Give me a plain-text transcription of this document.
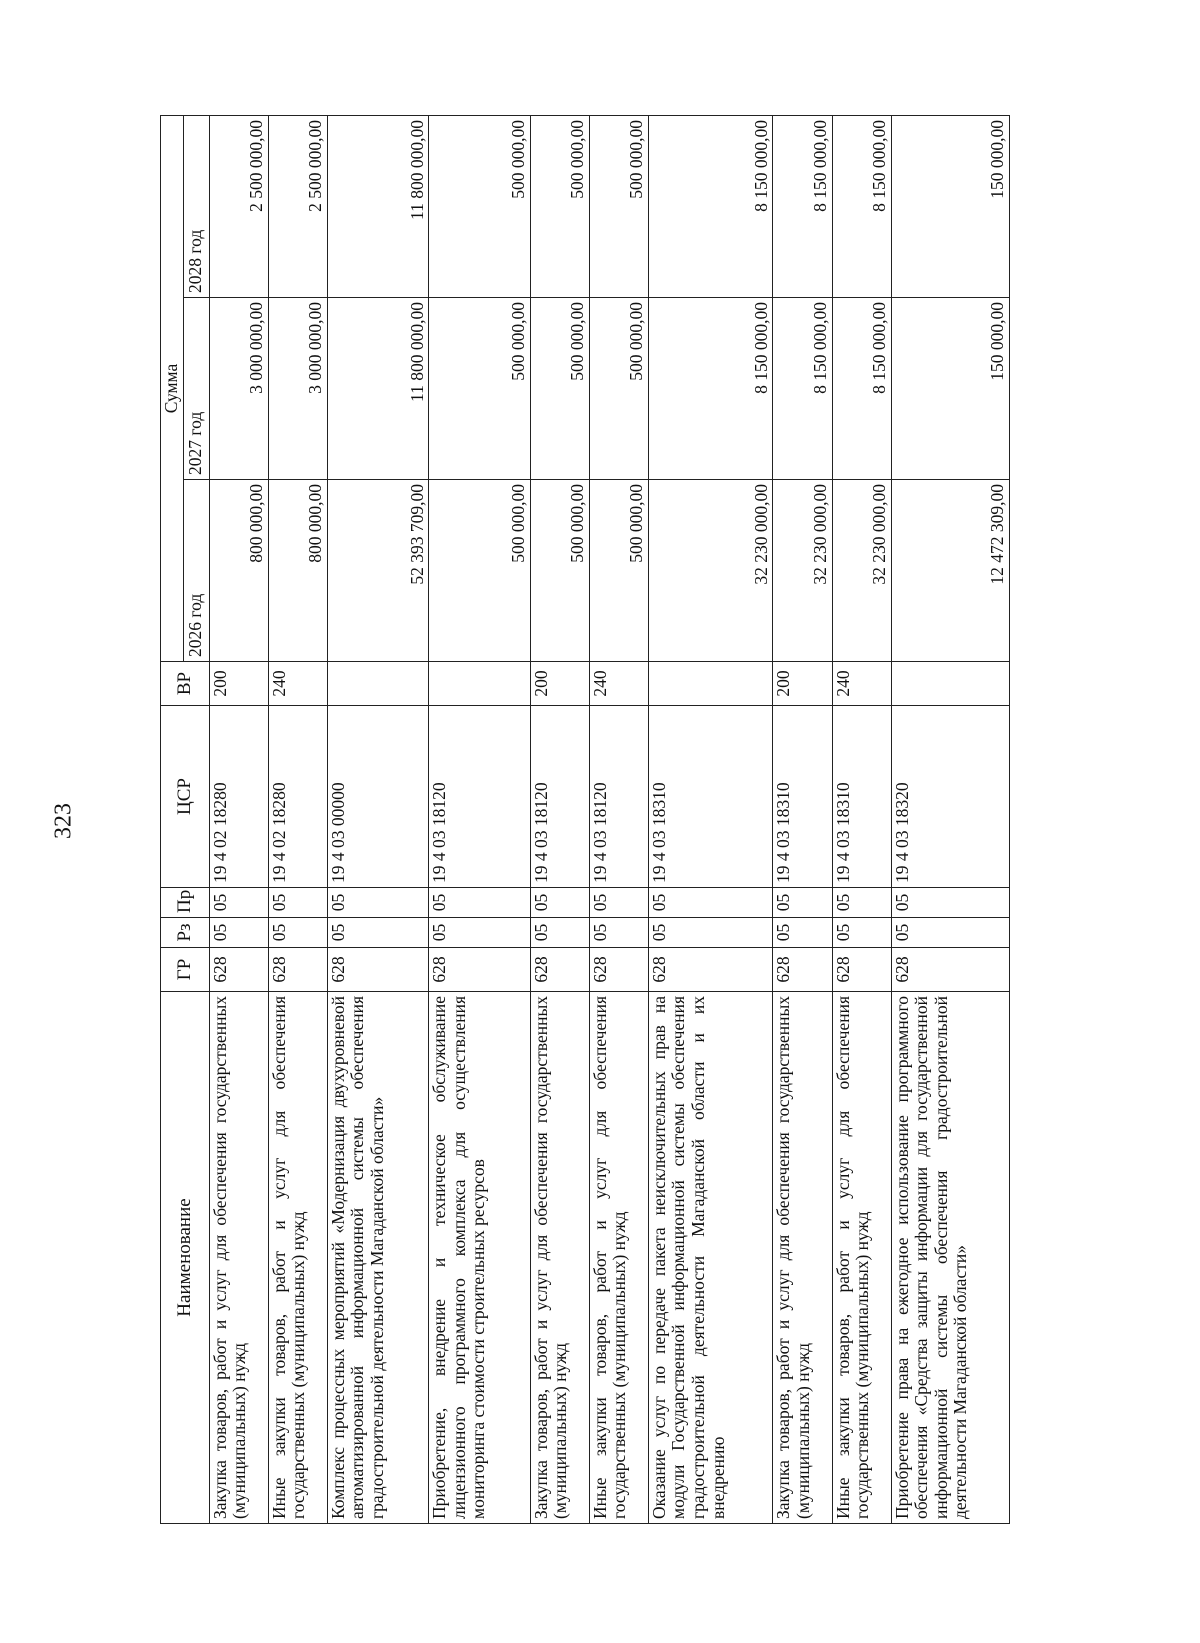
323
Наименование	ГР	Рз	Пр	ЦСР	ВР	Сумма		
						2026 год	2027 год	2028 год
Закупка товаров, работ и услуг для обеспечения государственных (муниципальных) нужд	628	05	05	19 4 02 18280	200	800 000,00	3 000 000,00	2 500 000,00
Иные закупки товаров, работ и услуг для обеспечения государственных (муниципальных) нужд	628	05	05	19 4 02 18280	240	800 000,00	3 000 000,00	2 500 000,00
Комплекс процессных мероприятий «Модернизация двухуровневой автоматизированной информационной системы обеспечения градостроительной деятельности Магаданской области»	628	05	05	19 4 03 00000		52 393 709,00	11 800 000,00	11 800 000,00
Приобретение, внедрение и техническое обслуживание лицензионного программного комплекса для осуществления мониторинга стоимости строительных ресурсов	628	05	05	19 4 03 18120		500 000,00	500 000,00	500 000,00
Закупка товаров, работ и услуг для обеспечения государственных (муниципальных) нужд	628	05	05	19 4 03 18120	200	500 000,00	500 000,00	500 000,00
Иные закупки товаров, работ и услуг для обеспечения государственных (муниципальных) нужд	628	05	05	19 4 03 18120	240	500 000,00	500 000,00	500 000,00
Оказание услуг по передаче пакета неисключительных прав на модули Государственной информационной системы обеспечения градостроительной деятельности Магаданской области и их внедрению	628	05	05	19 4 03 18310		32 230 000,00	8 150 000,00	8 150 000,00
Закупка товаров, работ и услуг для обеспечения государственных (муниципальных) нужд	628	05	05	19 4 03 18310	200	32 230 000,00	8 150 000,00	8 150 000,00
Иные закупки товаров, работ и услуг для обеспечения государственных (муниципальных) нужд	628	05	05	19 4 03 18310	240	32 230 000,00	8 150 000,00	8 150 000,00
Приобретение права на ежегодное использование программного обеспечения «Средства защиты информации для государственной информационной системы обеспечения градостроительной деятельности Магаданской области»	628	05	05	19 4 03 18320		12 472 309,00	150 000,00	150 000,00
